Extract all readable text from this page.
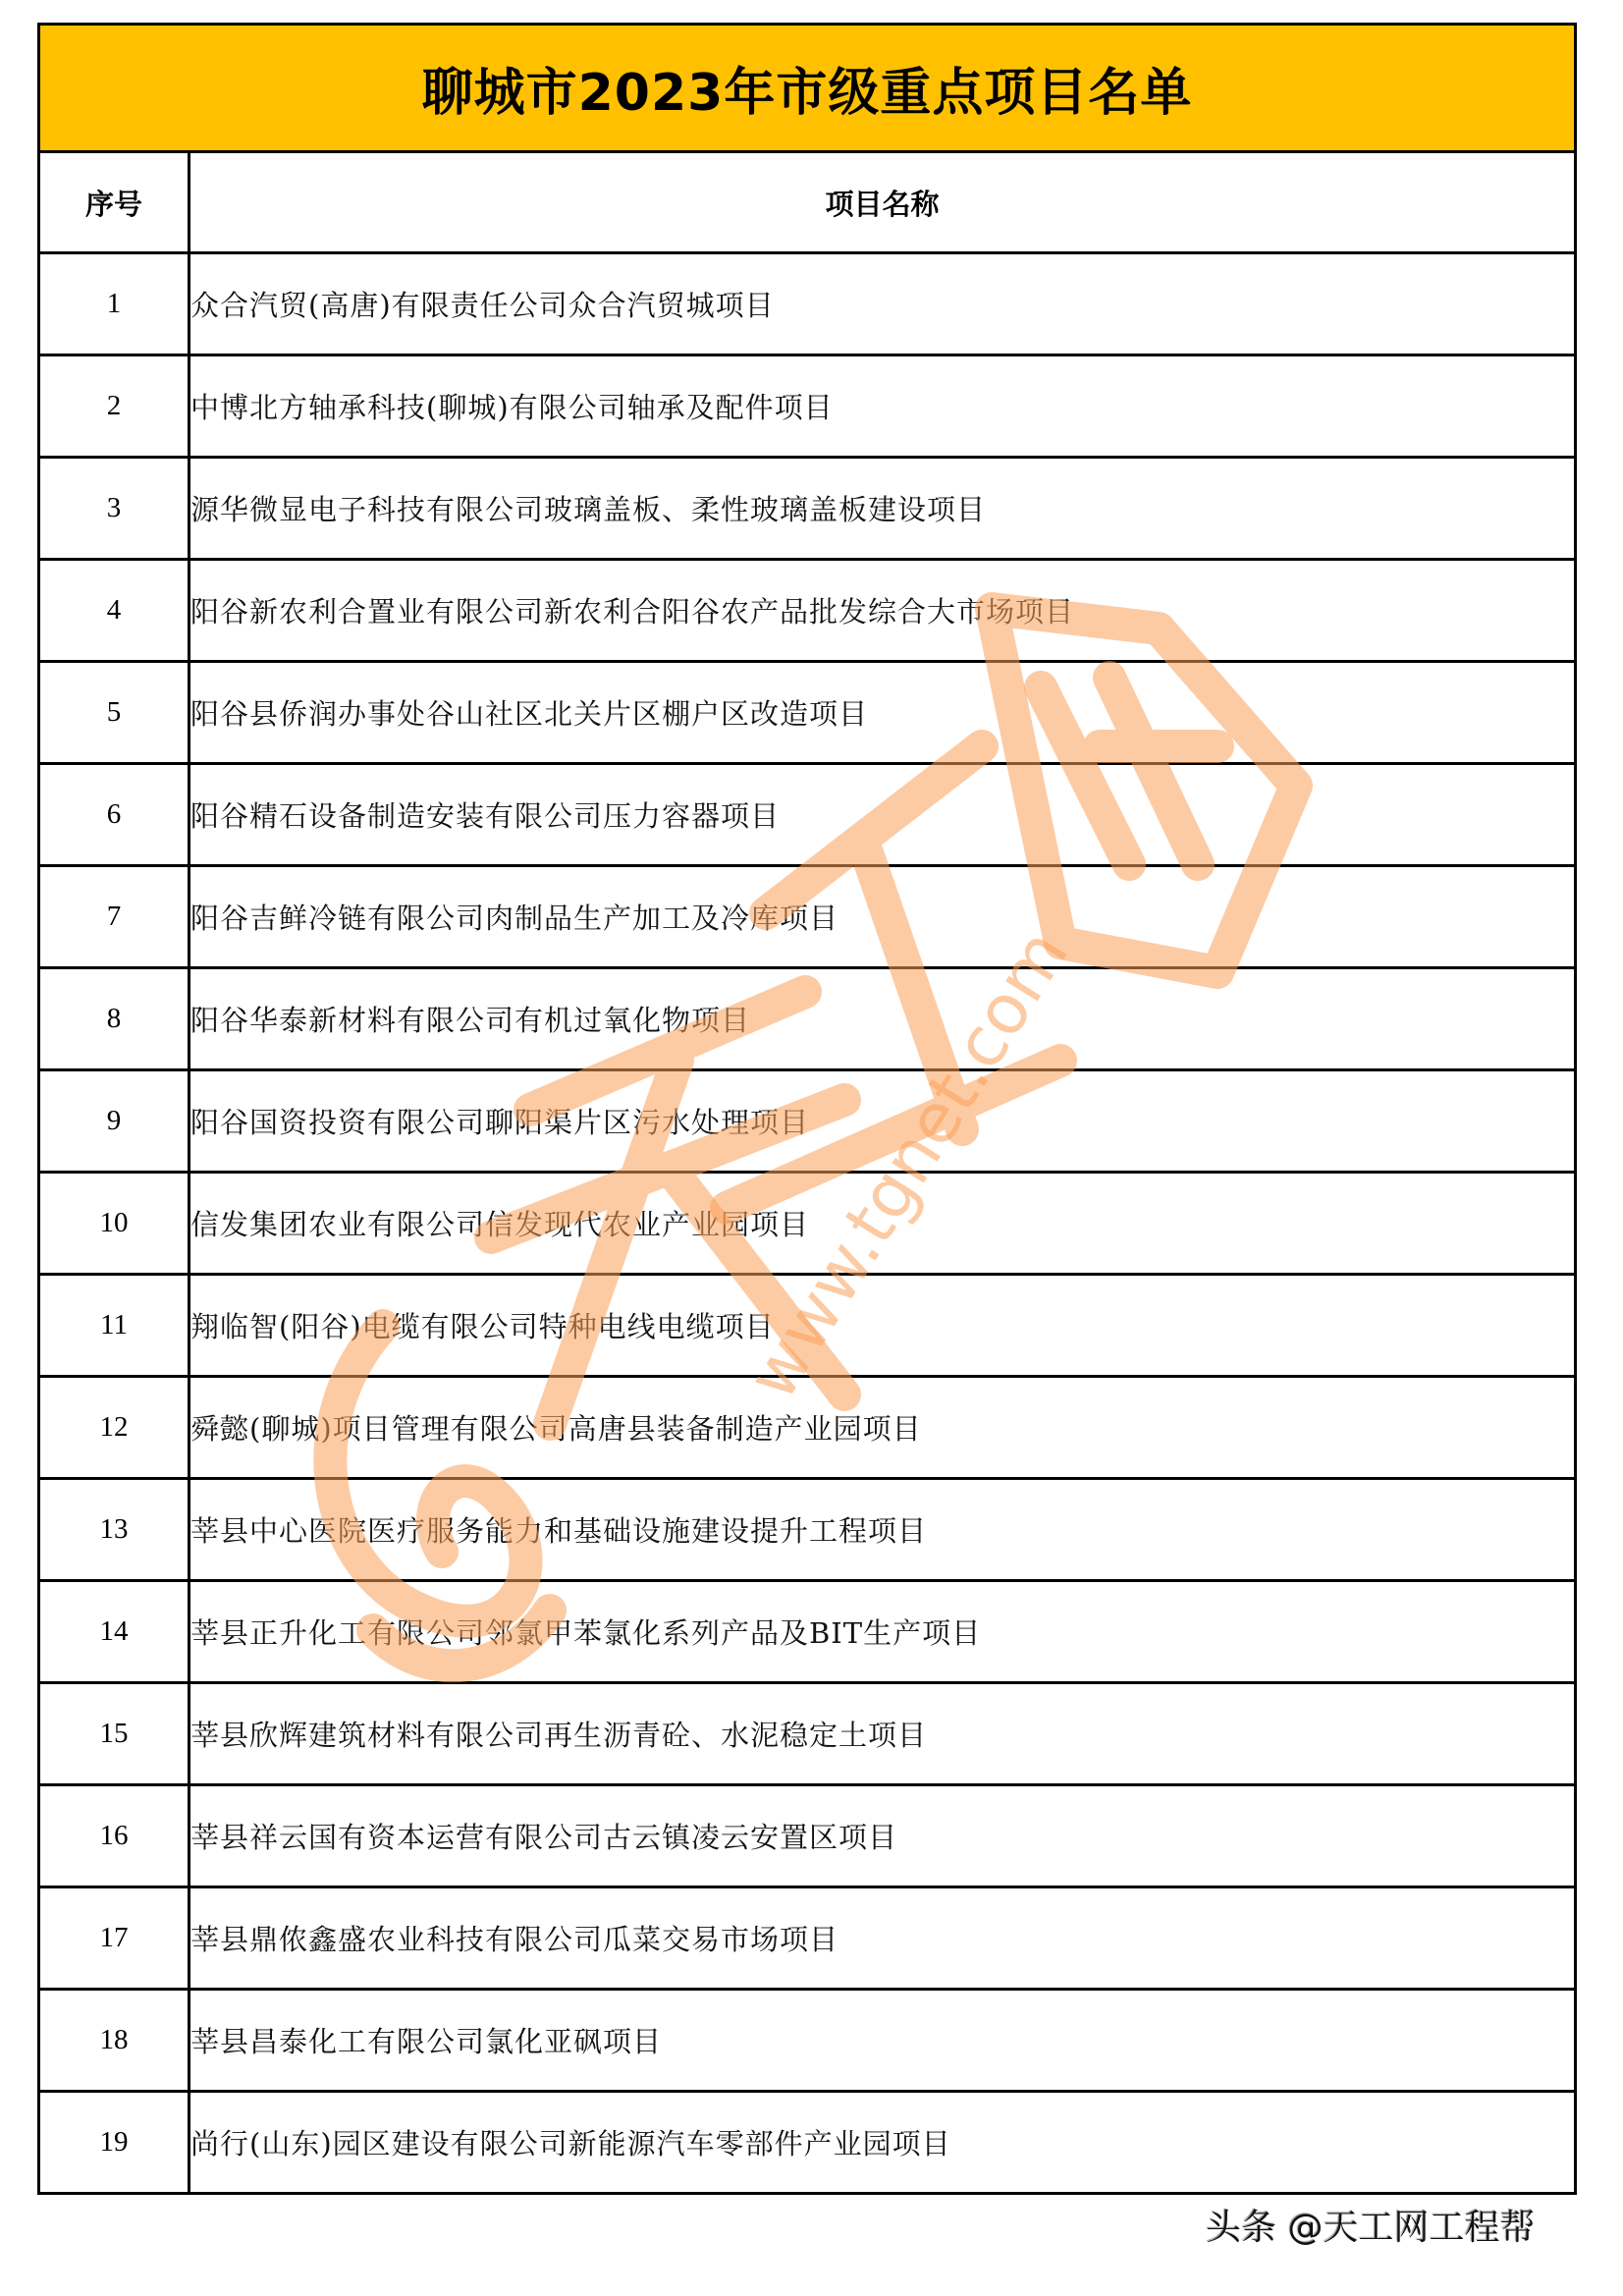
聊城市2023年市级重点项目名单	
序号	项目名称
1	众合汽贸(高唐)有限责任公司众合汽贸城项目
2	中博北方轴承科技(聊城)有限公司轴承及配件项目
3	源华微显电子科技有限公司玻璃盖板、柔性玻璃盖板建设项目
4	阳谷新农利合置业有限公司新农利合阳谷农产品批发综合大市场项目
5	阳谷县侨润办事处谷山社区北关片区棚户区改造项目
6	阳谷精石设备制造安装有限公司压力容器项目
7	阳谷吉鲜冷链有限公司肉制品生产加工及冷库项目
8	阳谷华泰新材料有限公司有机过氧化物项目
9	阳谷国资投资有限公司聊阳渠片区污水处理项目
10	信发集团农业有限公司信发现代农业产业园项目
11	翔临智(阳谷)电缆有限公司特种电线电缆项目
12	舜懿(聊城)项目管理有限公司高唐县装备制造产业园项目
13	莘县中心医院医疗服务能力和基础设施建设提升工程项目
14	莘县正升化工有限公司邻氯甲苯氯化系列产品及BIT生产项目
15	莘县欣辉建筑材料有限公司再生沥青砼、水泥稳定土项目
16	莘县祥云国有资本运营有限公司古云镇凌云安置区项目
17	莘县鼎侬鑫盛农业科技有限公司瓜菜交易市场项目
18	莘县昌泰化工有限公司氯化亚砜项目
19	尚行(山东)园区建设有限公司新能源汽车零部件产业园项目
www.tgnet.com
头条 @天工网工程帮
